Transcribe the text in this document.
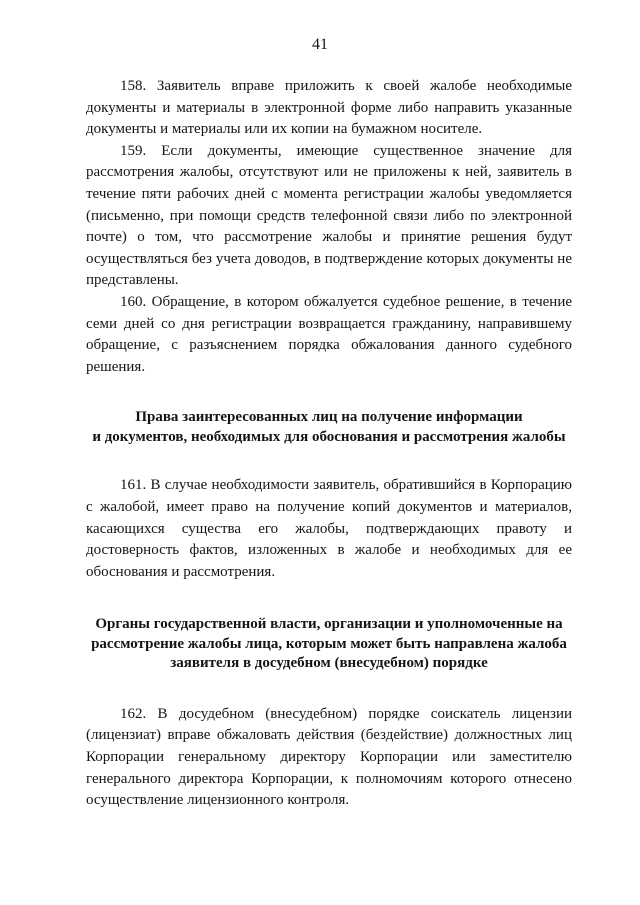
41

158. Заявитель вправе приложить к своей жалобе необходимые документы и материалы в электронной форме либо направить указанные документы и материалы или их копии на бумажном носителе.

159. Если документы, имеющие существенное значение для рассмотрения жалобы, отсутствуют или не приложены к ней, заявитель в течение пяти рабочих дней с момента регистрации жалобы уведомляется (письменно, при помощи средств телефонной связи либо по электронной почте) о том, что рассмотрение жалобы и принятие решения будут осуществляться без учета доводов, в подтверждение которых документы не представлены.

160. Обращение, в котором обжалуется судебное решение, в течение семи дней со дня регистрации возвращается гражданину, направившему обращение, с разъяснением порядка обжалования данного судебного решения.

Права заинтересованных лиц на получение информации
и документов, необходимых для обоснования и рассмотрения жалобы

161. В случае необходимости заявитель, обратившийся в Корпорацию с жалобой, имеет право на получение копий документов и материалов, касающихся существа его жалобы, подтверждающих правоту и достоверность фактов, изложенных в жалобе и необходимых для ее обоснования и рассмотрения.

Органы государственной власти, организации и уполномоченные на
рассмотрение жалобы лица, которым может быть направлена жалоба
заявителя в досудебном (внесудебном) порядке

162. В досудебном (внесудебном) порядке соискатель лицензии (лицензиат) вправе обжаловать действия (бездействие) должностных лиц Корпорации генеральному директору Корпорации или заместителю генерального директора Корпорации, к полномочиям которого отнесено осуществление лицензионного контроля.
